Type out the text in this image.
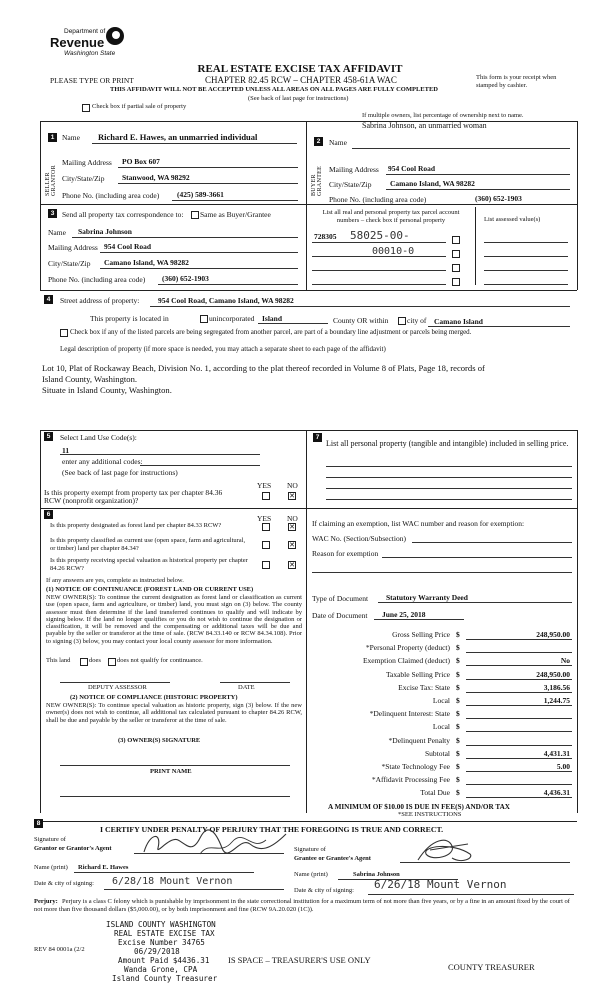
Department of
Revenue
Washington State
REAL ESTATE EXCISE TAX AFFIDAVIT
PLEASE TYPE OR PRINT	CHAPTER 82.45 RCW – CHAPTER 458-61A WAC
THIS AFFIDAVIT WILL NOT BE ACCEPTED UNLESS ALL AREAS ON ALL PAGES ARE FULLY COMPLETED
(See back of last page for instructions)
This form is your receipt when stamped by cashier.
Check box if partial sale of property
If multiple owners, list percentage of ownership next to name.
1
SELLER GRANTOR
Name Richard E. Hawes, an unmarried individual
Mailing Address PO Box 607
City/State/Zip Stanwood, WA 98292
Phone No. (including area code) (425) 589-3661
2
BUYER GRANTEE
Name
Sabrina Johnson, an unmarried woman
Mailing Address 954 Cool Road
City/State/Zip Camano Island, WA 98282
Phone No. (including area code)	(360) 652-1903
3	Send all property tax correspondence to: Same as Buyer/Grantee
Name Sabrina Johnson
Mailing Address 954 Cool Road
City/State/Zip Camano Island, WA 98282
Phone No. (including area code) (360) 652-1903
List all real and personal property tax parcel account numbers – check box if personal property	List assessed value(s)
728305 58025-00-
00010-0
4	Street address of property: 954 Cool Road, Camano Island, WA 98282
This property is located in	unincorporated Island	County OR within city of Camano Island
Check box if any of the listed parcels are being segregated from another parcel, are part of a boundary line adjustment or parcels being merged.
Legal description of property (if more space is needed, you may attach a separate sheet to each page of the affidavit)
Lot 10, Plat of Rockaway Beach, Division No. 1, according to the plat thereof recorded in Volume 8 of Plats, Page 18, records of
Island County, Washington.
Situate in Island County, Washington.
5	Select Land Use Code(s):
11
enter any additional codes:
(See back of last page for instructions)
YES NO
Is this property exempt from property tax per chapter 84.36 RCW (nonprofit organization)?	✕
7
List all personal property (tangible and intangible) included in selling price.
6	YES NO
Is this property designated as forest land per chapter 84.33 RCW?	✕
Is this property classified as current use (open space, farm and agricultural, or timber) land per chapter 84.34?	✕
Is this property receiving special valuation as historical property per chapter 84.26 RCW?	✕
If any answers are yes, complete as instructed below.
(1) NOTICE OF CONTINUANCE (FOREST LAND OR CURRENT USE)
NEW OWNER(S): To continue the current designation as forest land or classification as current use (open space, farm and agriculture, or timber) land, you must sign on (3) below. The county assessor must then determine if the land transferred continues to qualify and will indicate by signing below. If the land no longer qualifies or you do not wish to continue the designation or classification, it will be removed and the compensating or additional taxes will be due and payable by the seller or transferor at the time of sale. (RCW 84.33.140 or RCW 84.34.108). Prior to signing (3) below, you may contact your local county assessor for more information.
This land	does does not qualify for continuance.
DEPUTY ASSESSOR	DATE
(2) NOTICE OF COMPLIANCE (HISTORIC PROPERTY)
NEW OWNER(S): To continue special valuation as historic property, sign (3) below. If the new owner(s) does not wish to continue, all additional tax calculated pursuant to chapter 84.26 RCW, shall be due and payable by the seller or transferor at the time of sale.
(3) OWNER(S) SIGNATURE
PRINT NAME
If claiming an exemption, list WAC number and reason for exemption:
WAC No. (Section/Subsection)
Reason for exemption
Type of Document Statutory Warranty Deed
Date of Document June 25, 2018
Gross Selling Price $	248,950.00
*Personal Property (deduct) $
Exemption Claimed (deduct) $	No
Taxable Selling Price $	248,950.00
Excise Tax: State $	3,186.56
Local $	1,244.75
*Delinquent Interest: State $
Local $
*Delinquent Penalty $
Subtotal $	4,431.31
*State Technology Fee $	5.00
*Affidavit Processing Fee $
Total Due $	4,436.31
A MINIMUM OF $10.00 IS DUE IN FEE(S) AND/OR TAX
*SEE INSTRUCTIONS
8
I CERTIFY UNDER PENALTY OF PERJURY THAT THE FOREGOING IS TRUE AND CORRECT.
Signature of
Grantor or Grantor's Agent	Signature of
Grantee or Grantee's Agent
Name (print) Richard E. Hawes
Name (print)	Sabrina Johnson
Date & city of signing: 6/28/18 Mount Vernon
Date & city of signing: 6/26/18 Mount Vernon
Perjury: Perjury is a class C felony which is punishable by imprisonment in the state correctional institution for a maximum term of not more than five years, or by a fine in an amount fixed by the court of not more than five thousand dollars ($5,000.00), or by both imprisonment and fine (RCW 9A.20.020 (1C)).
ISLAND COUNTY WASHINGTON
REAL ESTATE EXCISE TAX
Excise Number 34765
06/29/2018
Amount Paid $4436.31
Wanda Grone, CPA
Island County Treasurer
REV 84 0001a (2/2
IS SPACE – TREASURER'S USE ONLY
COUNTY TREASURER
